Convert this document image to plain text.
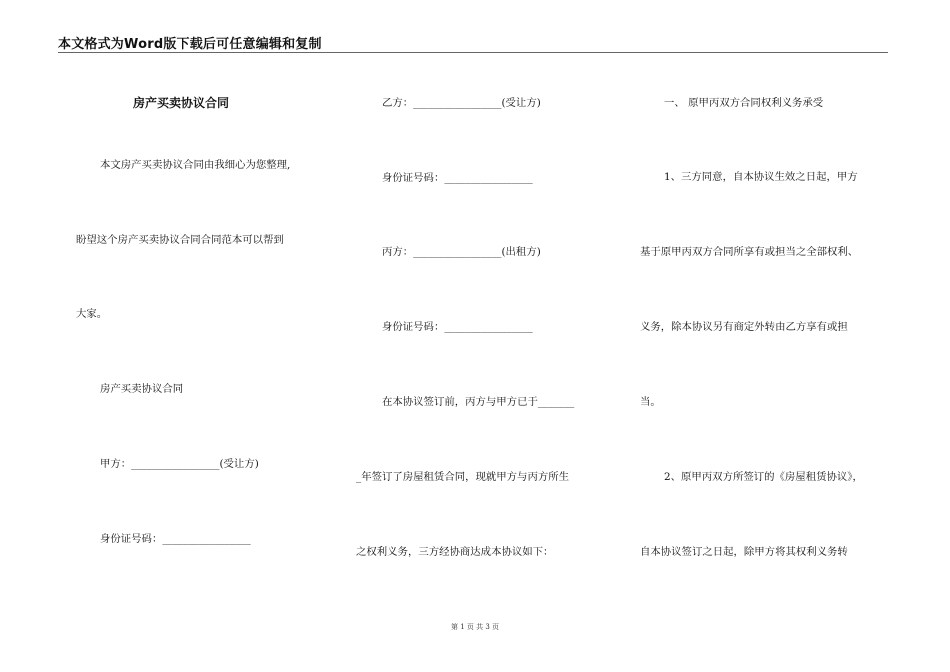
本文格式为Word版下载后可任意编辑和复制
房产买卖协议合同
本文房产买卖协议合同由我细心为您整理,
盼望这个房产买卖协议合同合同范本可以帮到
大家。
房产买卖协议合同
甲方：_________________(受让方)
身份证号码：_________________
乙方：_________________(受让方)
身份证号码：_________________
丙方：_________________(出租方)
身份证号码：_________________
在本协议签订前，丙方与甲方已于_______
_年签订了房屋租赁合同，现就甲方与丙方所生
之权利义务，三方经协商达成本协议如下：
一、 原甲丙双方合同权利义务承受
1、三方同意，自本协议生效之日起，甲方
基于原甲丙双方合同所享有或担当之全部权利、
义务，除本协议另有商定外转由乙方享有或担
当。
2、原甲丙双方所签订的《房屋租赁协议》，
自本协议签订之日起，除甲方将其权利义务转
第 1 页 共 3 页
